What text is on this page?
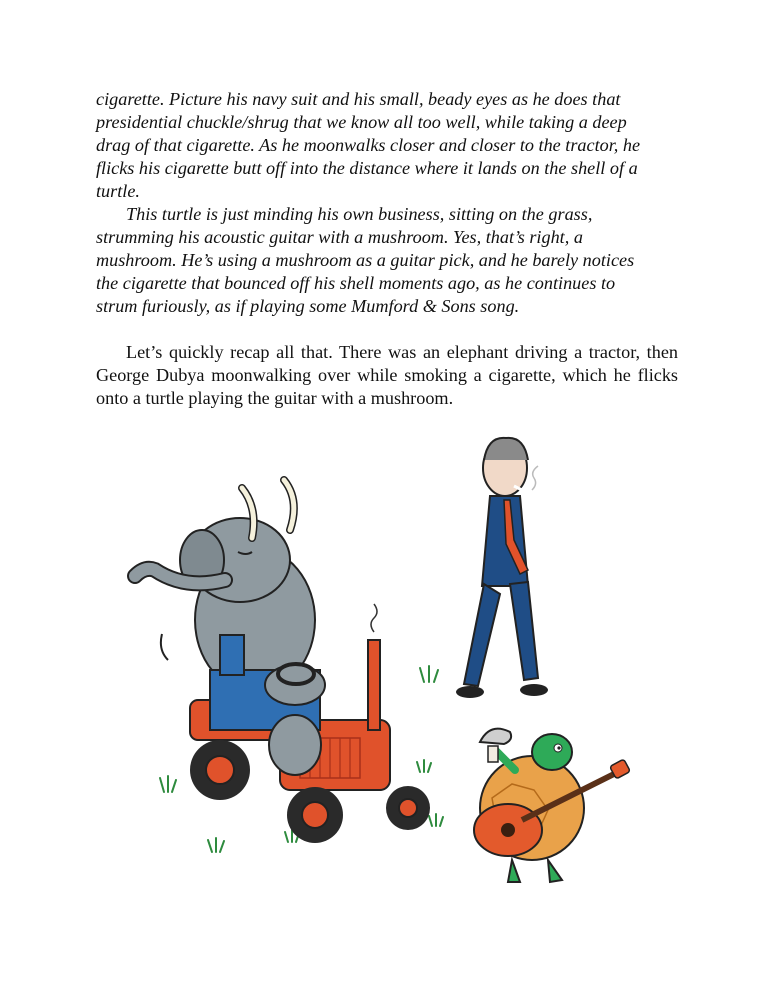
cigarette. Picture his navy suit and his small, beady eyes as he does that
presidential chuckle/shrug that we know all too well, while taking a deep
drag of that cigarette. As he moonwalks closer and closer to the tractor, he
flicks his cigarette butt off into the distance where it lands on the shell of a
turtle.

This turtle is just minding his own business, sitting on the grass,
strumming his acoustic guitar with a mushroom. Yes, that’s right, a
mushroom. He’s using a mushroom as a guitar pick, and he barely notices
the cigarette that bounced off his shell moments ago, as he continues to
strum furiously, as if playing some Mumford & Sons song.

Let’s quickly recap all that. There was an elephant driving a tractor, then George Dubya moonwalking over while smoking a cigarette, which he flicks onto a turtle playing the guitar with a mushroom.
